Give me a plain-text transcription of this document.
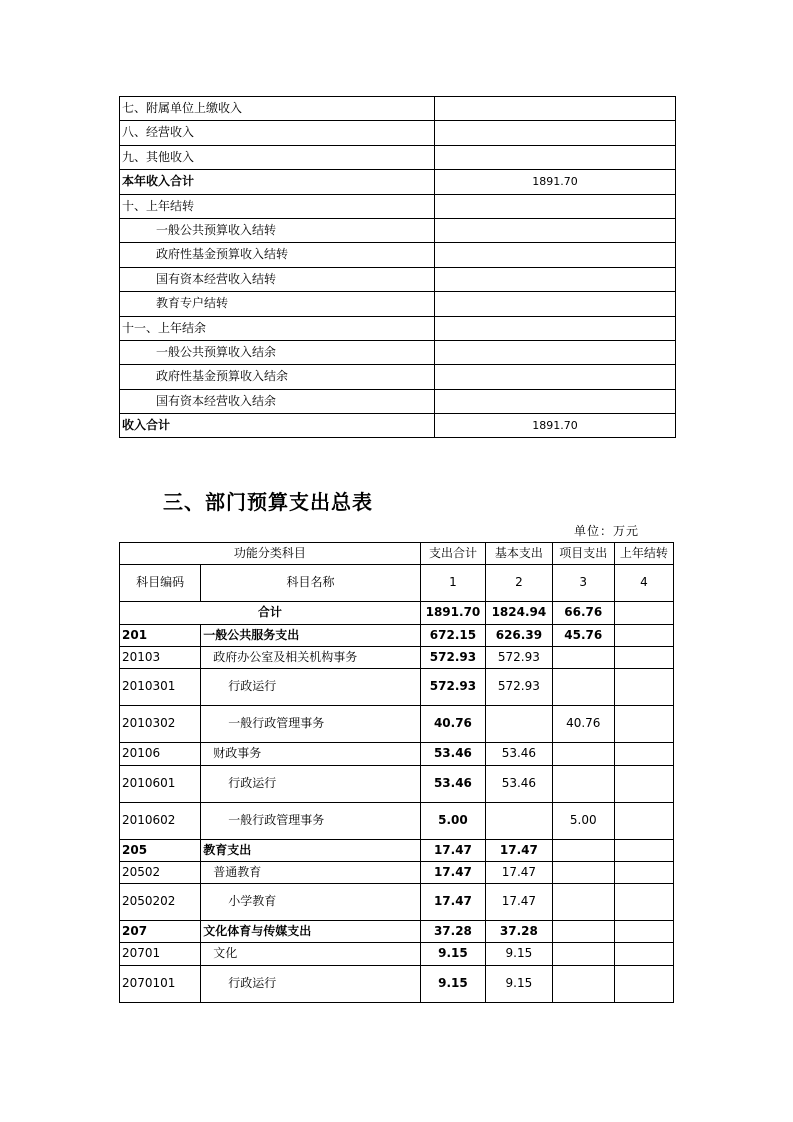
七、附属单位上缴收入	
八、经营收入	
九、其他收入	
本年收入合计	1891.70
十、上年结转	
一般公共预算收入结转	
政府性基金预算收入结转	
国有资本经营收入结转	
教育专户结转	
十一、上年结余	
一般公共预算收入结余	
政府性基金预算收入结余	
国有资本经营收入结余	
收入合计	1891.70
三、部门预算支出总表
单位：万元
功能分类科目		支出合计	基本支出	项目支出	上年结转
科目编码	科目名称	1	2	3	4
合计		1891.70	1824.94	66.76	
201	一般公共服务支出	672.15	626.39	45.76	
20103	政府办公室及相关机构事务	572.93	572.93		
2010301	行政运行	572.93	572.93		
2010302	一般行政管理事务	40.76		40.76	
20106	财政事务	53.46	53.46		
2010601	行政运行	53.46	53.46		
2010602	一般行政管理事务	5.00		5.00	
205	教育支出	17.47	17.47		
20502	普通教育	17.47	17.47		
2050202	小学教育	17.47	17.47		
207	文化体育与传媒支出	37.28	37.28		
20701	文化	9.15	9.15		
2070101	行政运行	9.15	9.15		
